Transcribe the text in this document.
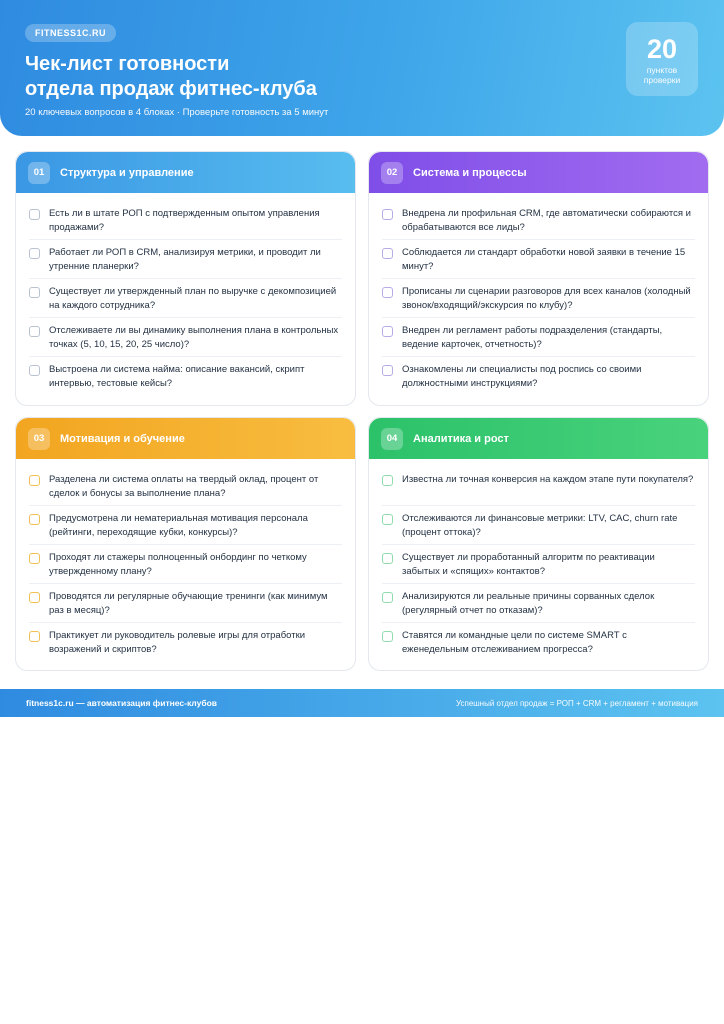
FITNESS1C.RU
Чек-лист готовности
отдела продаж фитнес-клуба
20 ключевых вопросов в 4 блоках · Проверьте готовность за 5 минут
20
пунктов проверки
01	Структура и управление
Есть ли в штате РОП с подтвержденным опытом управления продажами?
Работает ли РОП в CRM, анализируя метрики, и проводит ли утренние планерки?
Существует ли утвержденный план по выручке с декомпозицией на каждого сотрудника?
Отслеживаете ли вы динамику выполнения плана в контрольных точках (5, 10, 15, 20, 25 число)?
Выстроена ли система найма: описание вакансий, скрипт интервью, тестовые кейсы?
02	Система и процессы
Внедрена ли профильная CRM, где автоматически собираются и обрабатываются все лиды?
Соблюдается ли стандарт обработки новой заявки в течение 15 минут?
Прописаны ли сценарии разговоров для всех каналов (холодный звонок/входящий/экскурсия по клубу)?
Внедрен ли регламент работы подразделения (стандарты, ведение карточек, отчетность)?
Ознакомлены ли специалисты под роспись со своими должностными инструкциями?
03	Мотивация и обучение
Разделена ли система оплаты на твердый оклад, процент от сделок и бонусы за выполнение плана?
Предусмотрена ли нематериальная мотивация персонала (рейтинги, переходящие кубки, конкурсы)?
Проходят ли стажеры полноценный онбординг по четкому утвержденному плану?
Проводятся ли регулярные обучающие тренинги (как минимум раз в месяц)?
Практикует ли руководитель ролевые игры для отработки возражений и скриптов?
04	Аналитика и рост
Известна ли точная конверсия на каждом этапе пути покупателя?
Отслеживаются ли финансовые метрики: LTV, CAC, churn rate (процент оттока)?
Существует ли проработанный алгоритм по реактивации забытых и «спящих» контактов?
Анализируются ли реальные причины сорванных сделок (регулярный отчет по отказам)?
Ставятся ли командные цели по системе SMART с еженедельным отслеживанием прогресса?
fitness1c.ru — автоматизация фитнес-клубов	Успешный отдел продаж = РОП + CRM + регламент + мотивация
